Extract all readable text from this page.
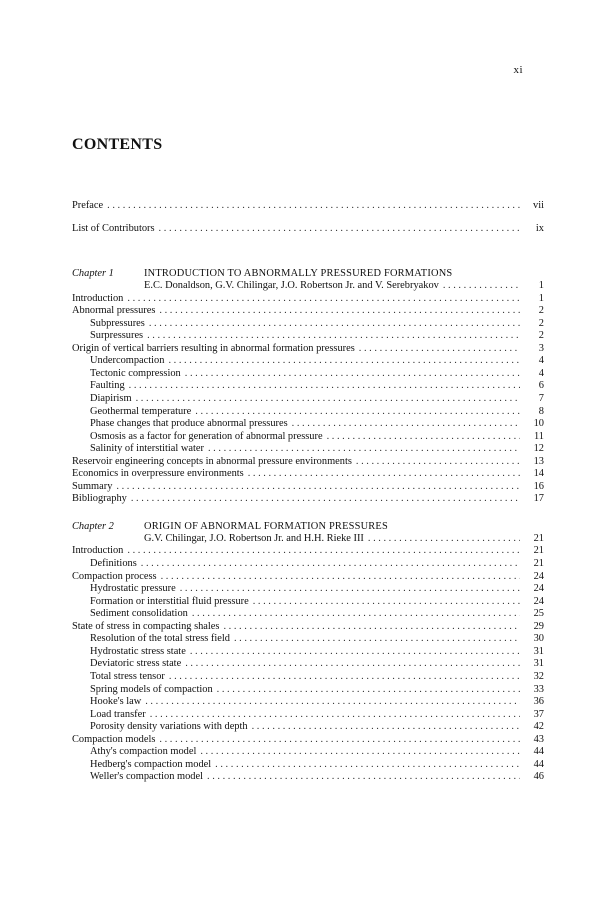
xi
CONTENTS
Preface . . .	vii
List of Contributors . . .	ix
Chapter 1	INTRODUCTION TO ABNORMALLY PRESSURED FORMATIONS
E.C. Donaldson, G.V. Chilingar, J.O. Robertson Jr. and V. Serebryakov . . .	1
Introduction . . .	1
Abnormal pressures . . .	2
Subpressures . . .	2
Surpressures . . .	2
Origin of vertical barriers resulting in abnormal formation pressures . . .	3
Undercompaction . . .	4
Tectonic compression . . .	4
Faulting . . .	6
Diapirism . . .	7
Geothermal temperature . . .	8
Phase changes that produce abnormal pressures . . .	10
Osmosis as a factor for generation of abnormal pressure . . .	11
Salinity of interstitial water . . .	12
Reservoir engineering concepts in abnormal pressure environments . . .	13
Economics in overpressure environments . . .	14
Summary . . .	16
Bibliography . . .	17
Chapter 2	ORIGIN OF ABNORMAL FORMATION PRESSURES
G.V. Chilingar, J.O. Robertson Jr. and H.H. Rieke III . . .	21
Introduction . . .	21
Definitions . . .	21
Compaction process . . .	24
Hydrostatic pressure . . .	24
Formation or interstitial fluid pressure . . .	24
Sediment consolidation . . .	25
State of stress in compacting shales . . .	29
Resolution of the total stress field . . .	30
Hydrostatic stress state . . .	31
Deviatoric stress state . . .	31
Total stress tensor . . .	32
Spring models of compaction . . .	33
Hooke's law . . .	36
Load transfer . . .	37
Porosity density variations with depth . . .	42
Compaction models . . .	43
Athy's compaction model . . .	44
Hedberg's compaction model . . .	44
Weller's compaction model . . .	46
